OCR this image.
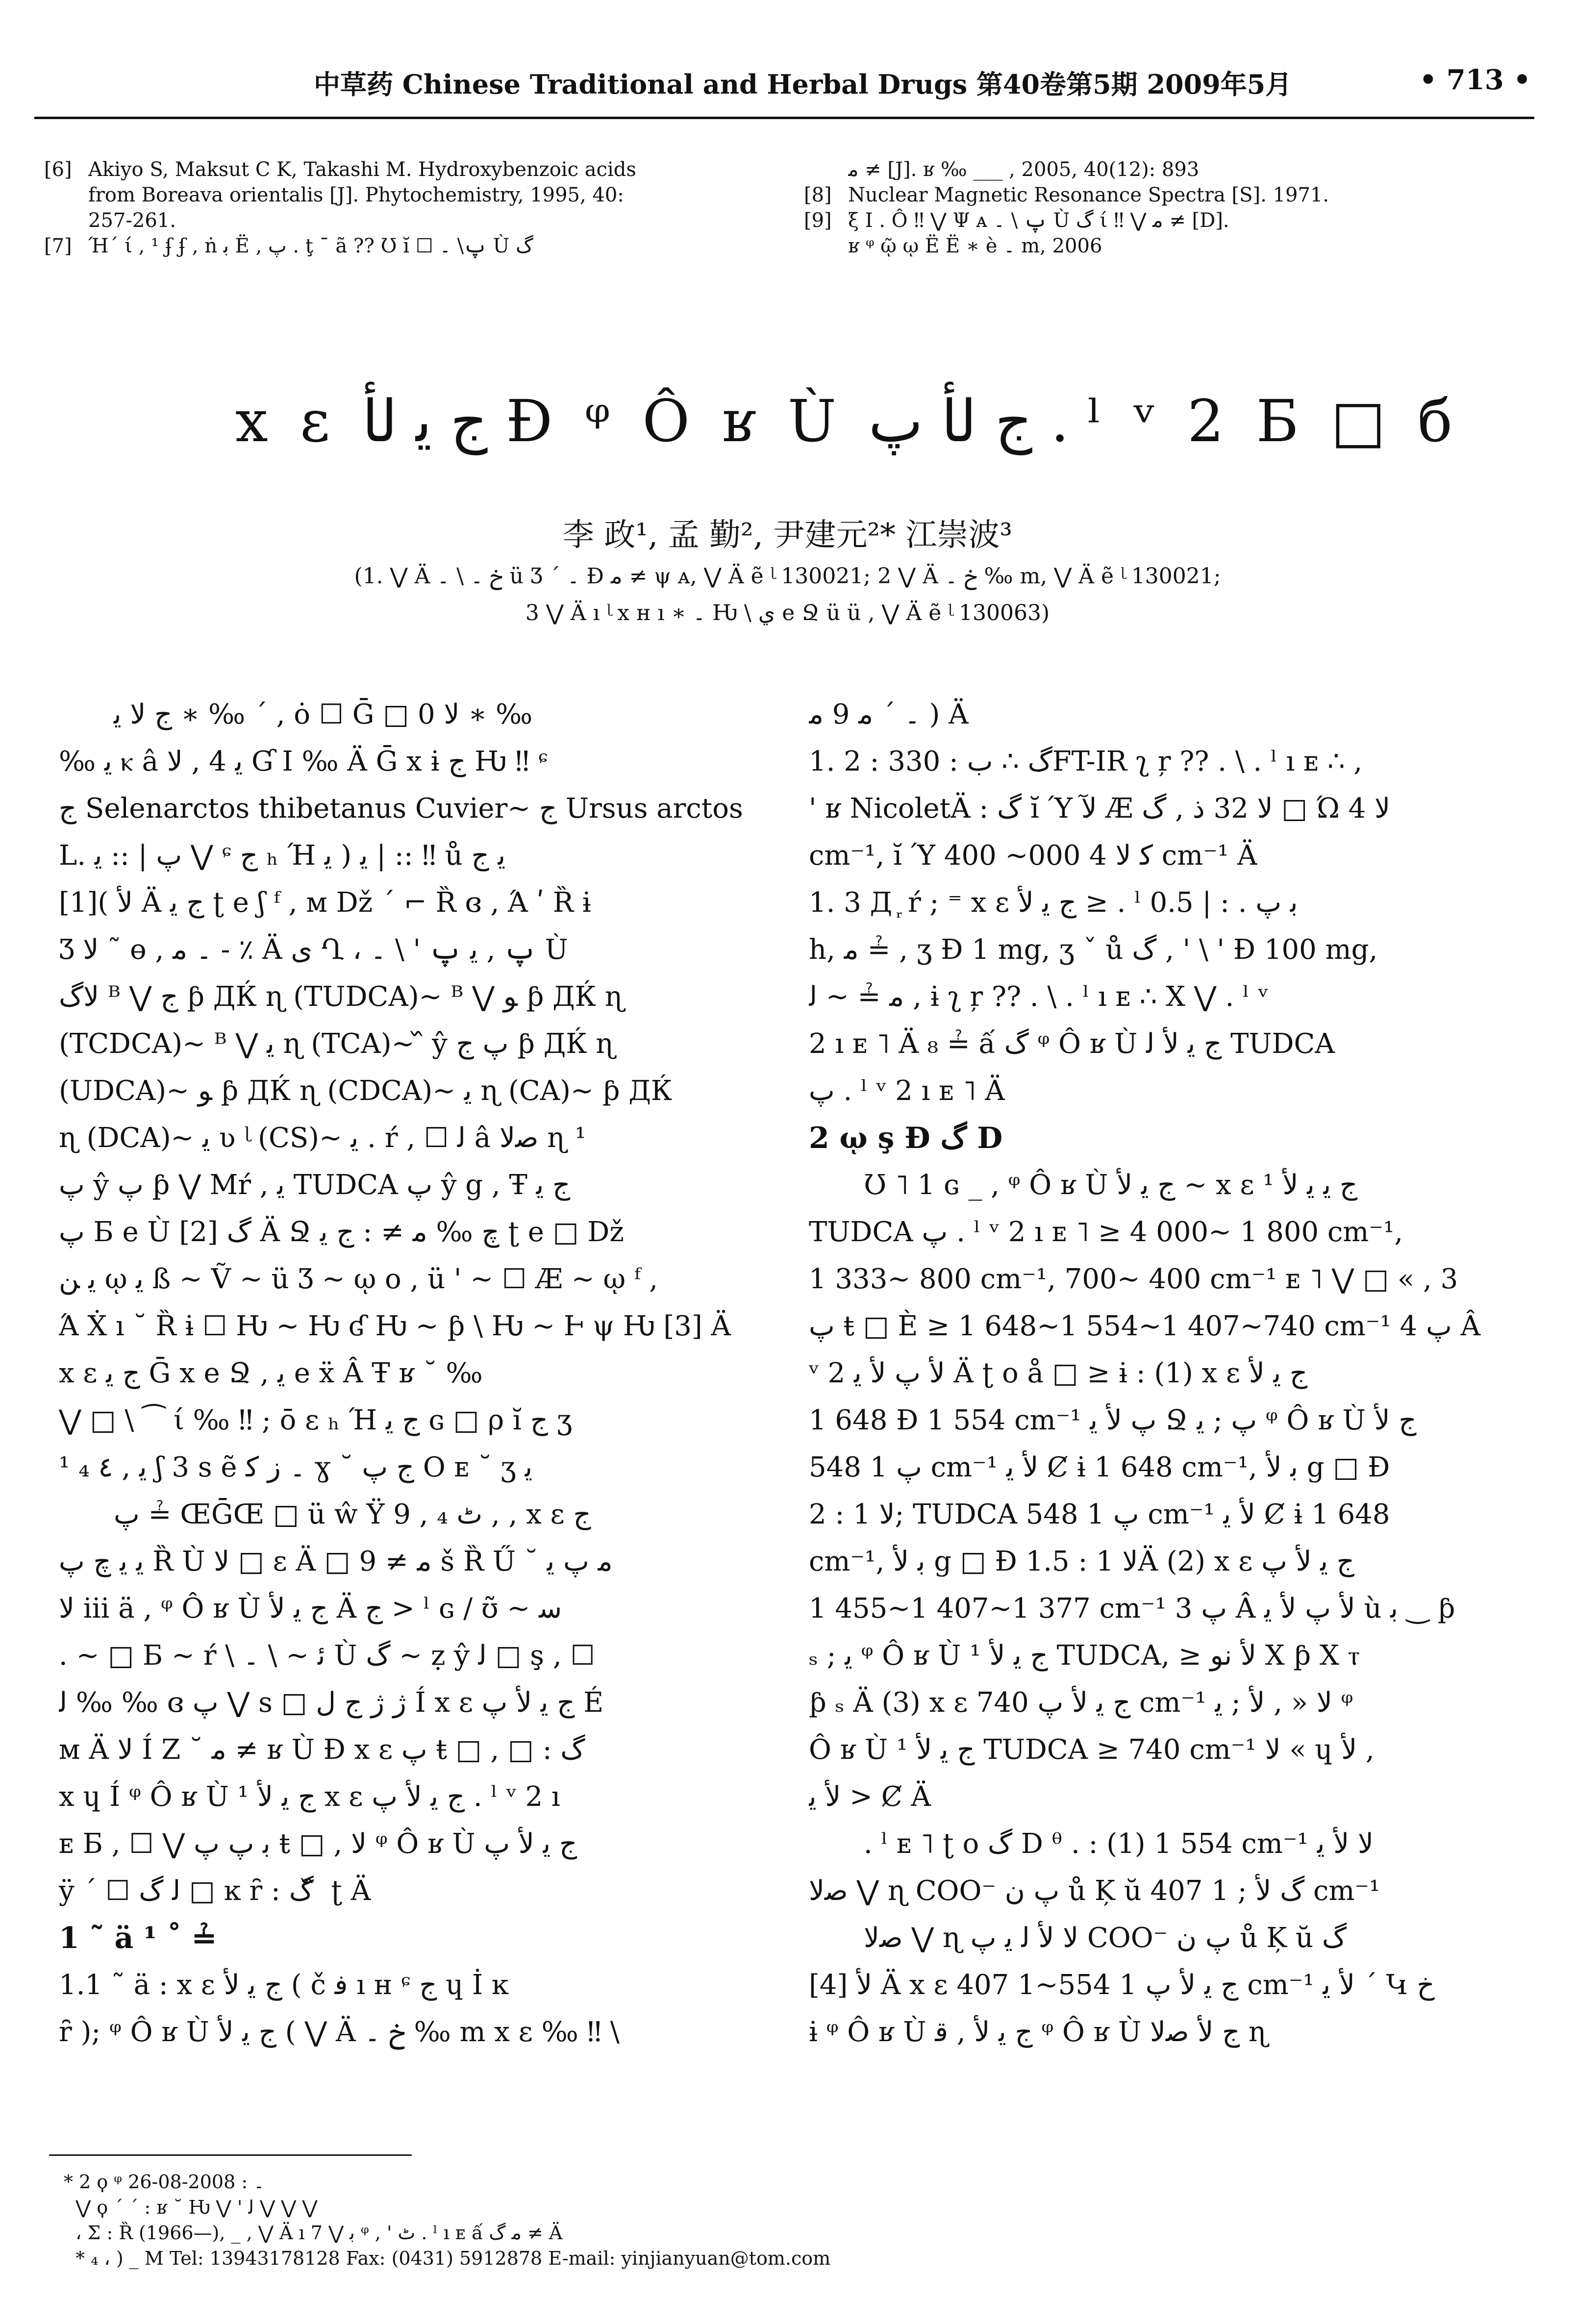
中草药 Chinese Traditional and Herbal Drugs 第40卷第5期 2009年5月	• 713 •
[6] Akiyo S, Maksut C K, Takashi M. Hydroxybenzoic acids
from Boreava orientalis [J]. Phytochemistry, 1995, 40:
257-261.
[7] Ή΄ ί , ¹ ʄ ʄ , ṅ ﺑ Ë , پ . ţ ¯ ã ?? Ʊ ĭ ☐ پ\ ۔ Ù گ
ﻣ ≠ [J]. ʁ ‰ ___ , 2005, 40(12): 893
[8] Nuclear Magnetic Resonance Spectra [S]. 1971.
[9] ξ I . Ô ‼ ⋁ Ψ ᴀ پ \ ۔ Ù گ ί ‼ ⋁ ﻣ ≠ [D].
ʁ ᵠ ῷ ῳ Ë Ë ∗ è ۔ m, 2006
x ε ج ﻳ لأ Ɖ ᵠ Ô ʁ Ù ج لأ پ . ˡ ᵛ 2 Б □ б
李 政¹, 孟 勤², 尹建元²* 江崇波³
(1. ⋁ Ä خ ۔ \ ۔ ü Ʒ ΄ ۔ Ɖ ﻣ ≠ ψ ᴀ, ⋁ Ä ẽ ᶩ 130021; 2 ⋁ Ä خ ۔ ‰ m, ⋁ Ä ẽ ᶩ 130021;
3 ⋁ Ä ı ᶩ x ʜ ı ∗ ۔ Ƕ \ ي e Ջ ü ü , ⋁ Ä ẽ ᶩ 130063)

ج لا ﻳ ∗ ‰ ΄ , ȯ ☐ Ḡ □ 0 لا ∗ ‰

‰ ﻳ ⲕ â ﻳ 4 , لا Ɠ I ‰ Ä Ḡ x ɨ ج Ƕ ‼ ᶝ

ج Selenarctos thibetanus Cuvier~ ج Ursus arctos

L. پ | :: ﻳ ⋁ ᶝ ج ₕ Ή ﻳ ( ﻳ | :: ‼ ů ﻳ ج

لأ )[1] Ä ج ﻳ ʈ e ʃ ᶠ , ᴍ Dž ΄ ⌐ Ȑ ɞ , Ά ʹ Ȑ ɨ

Ʒ لا ˜ ɵ , ۔ ﻣ - ٪ Ä ى Ղ ، پ , ﻳ پ ' \ ۔ Ù

لاگ ᴮ ⋁ ج ƥ ДЌ ɳ (TUDCA)~ ᴮ ⋁ ﻮ ƥ ДЌ ɳ

(TCDCA)~ ᴮ ⋁ ﻳ ɳ (TCA)~ ᷈ ŷ پ ج ƥ ДЌ ɳ

(UDCA)~ ﻮ ƥ ДЌ ɳ (CDCA)~ ﻳ ɳ (CA)~ ƥ ДЌ

ɳ (DCA)~ ﻳ ʋ ᶩ (CS)~ ﻳ . ŕ , ☐ ﻟ â ﺻﻻ ɳ ¹

پ ŷ پ ƥ ⋁ Mŕ , ﻳ TUDCA پ ŷ g , Ŧ ج ﻳ

پ Б e Ù گ [2] Ä Ջ چ ‰ ﻣ ≠ : ج ﻳ ʈ e □ Dž

ﻳ ﻦ ῳ ﻳ ß ~ Ṽ ~ ü Ʒ ~ ῳ o , ü ' ~ ☐ Æ ~ ῳ ᶠ ,

Ά Ẋ ı ˘ Ȑ ɨ ☐ Ƕ ~ Ƕ ʛ Ƕ ~ ƥ \ Ƕ ~ Ͱ ψ Ƕ [3] Ä

x ε ج ﻳ Ḡ x e Ջ , ﻳ e ẍ Â Ŧ ʁ ˘ ‰

⋁ □ \ ⁀ ί ‰ ‼ ; ō ε ₕ Ή ج ﻳ ɢ □ ρ ĭ ج ʒ

ﻳ , ٤ ₄ ¹ ʃ 3 s ẽ ۔ ﺯ ﮐ ɣ ˘ ج پ O ᴇ ˘ ʒ ﻳ

پ ≟ ŒḠŒ □ ü ŵ Ϋ 9 , ₄ ٹ , , x ε ج

ﻳ ﻳ چ پ Ȑ Ù لا □ ε Ä □ ﻣ ≠ 9 š Ȑ Ű ˘ ﻣ پ ﻳ

لا iii ä , ᵠ Ô ʁ Ù ج ﻳ لأ Ä ج > ˡ ɢ / ʊ̃ ~ ﺳ

. ~ □ Б ~ ŕ \ ﺋ ~ \ ۔ Ù گ ~ ẓ ŷ ﻟ □ ş , ☐

ﻟ ‰ ‰ ɞ پ ⋁ s □ ژ ژ ج ﻝ Í x ε ج ﻳ لأ پ É

ᴍ Ä لا Í Ζ ˘ ﻣ ≠ ʁ Ù Ɖ x ε پ ŧ □ , □ : گ

x ɥ Í ᵠ Ô ʁ Ù ج ﻳ لأ ¹ x ε ج ﻳ لأ پ . ˡ ᵛ 2 ı

ᴇ Б , ☐ ⋁ ﺑ پ پ ŧ □ , لا ᵠ Ô ʁ Ù ج ﻳ لأ پ

ÿ ΄ ☐ ﻟ گ □ ĸ ȓ : گ ᷈ ʈ Ä

1 ˜ ä ¹ ˚ ≟

1.1 ˜ ä : x ε ج ﻳ لأ ( č ﻓ ı ʜ ᶝ ج ɥ İ ĸ

ȓ ); ᵠ Ô ʁ Ù ج ﻳ لأ ( ⋁ Ä خ ۔ ‰ m x ε ‰ ‼ \

۔ ΄ ﻣ 9 ﻣ ) Ä

1. 2 : گ ∴ ﺏ : 330FT-IR ʅ ŗ ?? . \ . ˡ ı ᴇ ∴ ,

' ʁ NicoletÄ : گ ĭ Ύ لآ Æ لا 32 ذ , گ □ Ώ لا 4

cm⁻¹, ĭ Ύ ﮐ لا 4 000~ 400 cm⁻¹ Ä

1. 3 Д ᷊ ŕ ; ⁼ x ε ج ﻳ لأ ≥ . ˡ ﺑ پ . : | 0.5

h, ﻣ ≟ , ʒ Ɖ 1 mg, ʒ ˇ ů گ , ' \ ' Ɖ 100 mg,

ﻣ ≟ ~ ﻟ , ɨ ʅ ŗ ?? . \ . ˡ ı ᴇ ∴ Χ ⋁ . ˡ ᵛ

2 ı ᴇ ˥ Ä ₈ ≟ ấ گ ᵠ Ô ʁ Ù ج ﻳ لأ ﻟ TUDCA

پ . ˡ ᵛ 2 ı ᴇ ˥ Ä

2 ῳ ş Ɖ گ D

Ʊ ˥ 1 ɢ _ , ᵠ Ô ʁ Ù ج ﻳ لأ ~ x ε ج ﻳ ﻳ لأ ¹

TUDCA پ . ˡ ᵛ 2 ı ᴇ ˥ ≥ 4 000~ 1 800 cm⁻¹,

1 333~ 800 cm⁻¹, 700~ 400 cm⁻¹ ᴇ ˥ ⋁ □ « , 3

پ ŧ □ È ≥ 1 648~1 554~1 407~740 cm⁻¹ پ 4 Â

ᵛ 2 لأ پ لأ ﻳ Ä ʈ o å □ ≥ ɨ : (1) x ε ج ﻳ لأ

1 648 Ɖ 1 554 cm⁻¹ پ لأ ﻳ Ջ پ ; ﻳ ᵠ Ô ʁ Ù ج لأ

پ 1 548 cm⁻¹ لأ ﻳ Ȼ ɨ 1 648 cm⁻¹, ﺑ لأ g □ Ɖ

لا 1 : 2; TUDCA پ 1 548 cm⁻¹ لأ ﻳ Ȼ ɨ 1 648

cm⁻¹, ﺑ لأ g □ Ɖ لا 1 : 1.5Ä (2) x ε ج ﻳ لأ پ

1 455~1 407~1 377 cm⁻¹ پ 3 Â لأ پ لأ ﻳ ù ﺑ ‿ ƥ

ₛ ; ﻳ ᵠ Ô ʁ Ù ج ﻳ لأ ¹ TUDCA, ≥ لأ نو Χ ƥ Χ ⲧ

ƥ ₛ Ä (3) x ε ج ﻳ لأ پ 740 cm⁻¹ لا « , لأ ; ﻳ ᵠ

Ô ʁ Ù ج ﻳ لأ ¹ TUDCA ≥ 740 cm⁻¹ ﻻ « ɥ لأ ,

لأ ﻳ > Ȼ Ä

. ˡ ᴇ ˥ ʈ o گ D ᶿ . : (1) 1 554 cm⁻¹ لا لأ ﻳ

ﺻﻻ ⋁ ɳ COO⁻ پ ن ů Ķ ŭ گ لأ ; 1 407 cm⁻¹

ﺻﻻ ⋁ ɳ لا لأ ﻟ ﻳ پ COO⁻ پ ن ů Ķ ŭ گ

لأ [4] Ä x ε ج ﻳ لأ پ 1 554~1 407 cm⁻¹ لأ ﻳ ΄ Կ خ

ɨ ᵠ Ô ʁ Ù ج ﻳ لأ , ﻗ ᵠ Ô ʁ Ù ج لأ ﺻﻻ ɳ

* 2 ϙ ᵠ ۔ : 2008-08-26
⋁ ϙ ΄ ΄ : ʁ ˘ Ƕ ⋁ ' ﻟ ⋁ ⋁ ⋁
، Σ : Ȑ (1966—), _ , ⋁ Ä ı ﺑ ⋁ 7 ᵠ , ' ٹ . ˡ ı ᴇ ấ ﻣ گ ≠ Ä
* ₄ ، ) _ M Tel: 13943178128 Fax: (0431) 5912878 E-mail: yinjianyuan@tom.com
